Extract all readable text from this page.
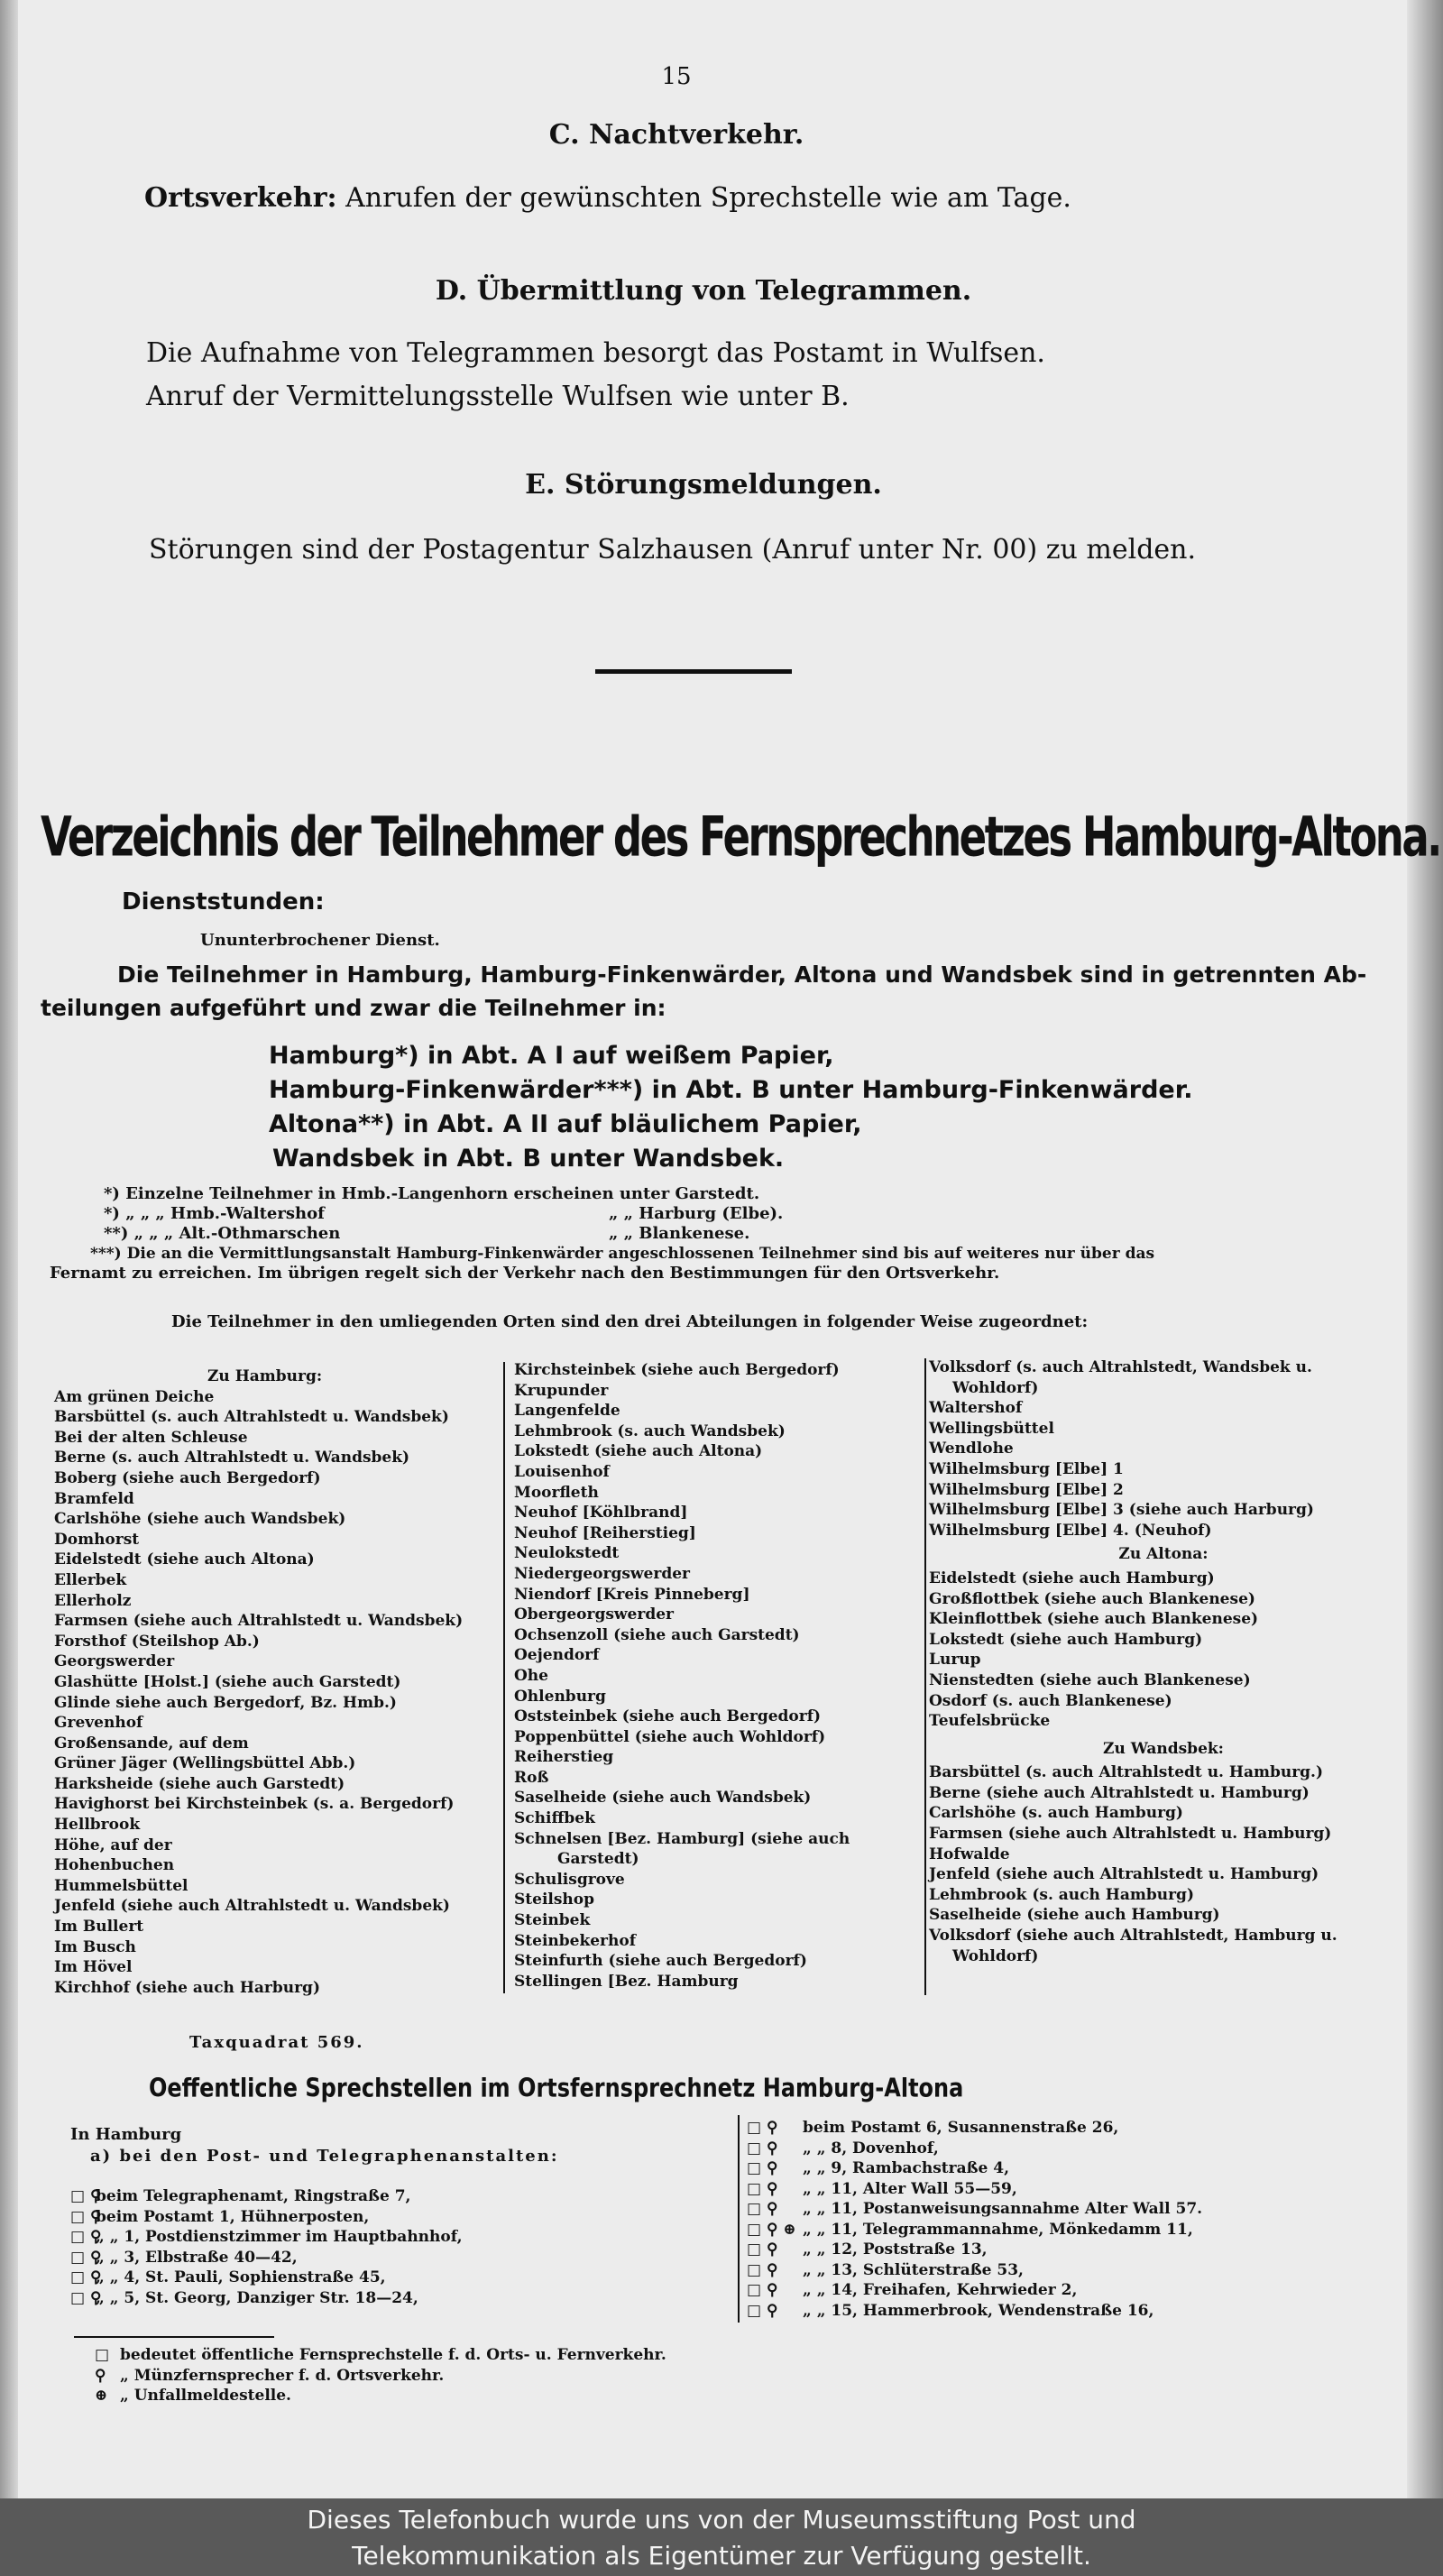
15
C. Nachtverkehr.
Ortsverkehr: Anrufen der gewünschten Sprechstelle wie am Tage.
D. Übermittlung von Telegrammen.
Die Aufnahme von Telegrammen besorgt das Postamt in Wulfsen.
Anruf der Vermittelungsstelle Wulfsen wie unter B.
E. Störungsmeldungen.
Störungen sind der Postagentur Salzhausen (Anruf unter Nr. 00) zu melden.
Verzeichnis der Teilnehmer des Fernsprechnetzes Hamburg-Altona.
Dienststunden:
Ununterbrochener Dienst.
Die Teilnehmer in Hamburg, Hamburg-Finkenwärder, Altona und Wandsbek sind in getrennten Ab-
teilungen aufgeführt und zwar die Teilnehmer in:
Hamburg*) in Abt. A I auf weißem Papier,
Hamburg-Finkenwärder***) in Abt. B unter Hamburg-Finkenwärder.
Altona**) in Abt. A II auf bläulichem Papier,
Wandsbek in Abt. B unter Wandsbek.
*) Einzelne Teilnehmer in Hmb.-Langenhorn erscheinen unter Garstedt.
*) „ „ „ Hmb.-Waltershof	„ „ Harburg (Elbe).
**) „ „ „ Alt.-Othmarschen	„ „ Blankenese.
***) Die an die Vermittlungsanstalt Hamburg-Finkenwärder angeschlossenen Teilnehmer sind bis auf weiteres nur über das
Fernamt zu erreichen. Im übrigen regelt sich der Verkehr nach den Bestimmungen für den Ortsverkehr.
Die Teilnehmer in den umliegenden Orten sind den drei Abteilungen in folgender Weise zugeordnet:
Zu Hamburg:
Am grünen Deiche
Barsbüttel (s. auch Altrahlstedt u. Wandsbek)
Bei der alten Schleuse
Berne (s. auch Altrahlstedt u. Wandsbek)
Boberg (siehe auch Bergedorf)
Bramfeld
Carlshöhe (siehe auch Wandsbek)
Domhorst
Eidelstedt (siehe auch Altona)
Ellerbek
Ellerholz
Farmsen (siehe auch Altrahlstedt u. Wandsbek)
Forsthof (Steilshop Ab.)
Georgswerder
Glashütte [Holst.] (siehe auch Garstedt)
Glinde siehe auch Bergedorf, Bz. Hmb.)
Grevenhof
Großensande, auf dem
Grüner Jäger (Wellingsbüttel Abb.)
Harksheide (siehe auch Garstedt)
Havighorst bei Kirchsteinbek (s. a. Bergedorf)
Hellbrook
Höhe, auf der
Hohenbuchen
Hummelsbüttel
Jenfeld (siehe auch Altrahlstedt u. Wandsbek)
Im Bullert
Im Busch
Im Hövel
Kirchhof (siehe auch Harburg)
Kirchsteinbek (siehe auch Bergedorf)
Krupunder
Langenfelde
Lehmbrook (s. auch Wandsbek)
Lokstedt (siehe auch Altona)
Louisenhof
Moorfleth
Neuhof [Köhlbrand]
Neuhof [Reiherstieg]
Neulokstedt
Niedergeorgswerder
Niendorf [Kreis Pinneberg]
Obergeorgswerder
Ochsenzoll (siehe auch Garstedt)
Oejendorf
Ohe
Ohlenburg
Oststeinbek (siehe auch Bergedorf)
Poppenbüttel (siehe auch Wohldorf)
Reiherstieg
Roß
Saselheide (siehe auch Wandsbek)
Schiffbek
Schnelsen [Bez. Hamburg] (siehe auch
Garstedt)
Schulisgrove
Steilshop
Steinbek
Steinbekerhof
Steinfurth (siehe auch Bergedorf)
Stellingen [Bez. Hamburg
Volksdorf (s. auch Altrahlstedt, Wandsbek u.
Wohldorf)
Waltershof
Wellingsbüttel
Wendlohe
Wilhelmsburg [Elbe] 1
Wilhelmsburg [Elbe] 2
Wilhelmsburg [Elbe] 3 (siehe auch Harburg)
Wilhelmsburg [Elbe] 4. (Neuhof)
Zu Altona:
Eidelstedt (siehe auch Hamburg)
Großflottbek (siehe auch Blankenese)
Kleinflottbek (siehe auch Blankenese)
Lokstedt (siehe auch Hamburg)
Lurup
Nienstedten (siehe auch Blankenese)
Osdorf (s. auch Blankenese)
Teufelsbrücke
Zu Wandsbek:
Barsbüttel (s. auch Altrahlstedt u. Hamburg.)
Berne (siehe auch Altrahlstedt u. Hamburg)
Carlshöhe (s. auch Hamburg)
Farmsen (siehe auch Altrahlstedt u. Hamburg)
Hofwalde
Jenfeld (siehe auch Altrahlstedt u. Hamburg)
Lehmbrook (s. auch Hamburg)
Saselheide (siehe auch Hamburg)
Volksdorf (siehe auch Altrahlstedt, Hamburg u.
Wohldorf)
Taxquadrat 569.
Oeffentliche Sprechstellen im Ortsfernsprechnetz Hamburg-Altona
In Hamburg
a) bei den Post- und Telegraphenanstalten:
□ ⚲beim Telegraphenamt, Ringstraße 7,
□ ⚲beim Postamt 1, Hühnerposten,
□ ⚲„ „ 1, Postdienstzimmer im Hauptbahnhof,
□ ⚲„ „ 3, Elbstraße 40—42,
□ ⚲„ „ 4, St. Pauli, Sophienstraße 45,
□ ⚲„ „ 5, St. Georg, Danziger Str. 18—24,
□ ⚲ beim Postamt 6, Susannenstraße 26,
□ ⚲ „ „ 8, Dovenhof,
□ ⚲ „ „ 9, Rambachstraße 4,
□ ⚲ „ „ 11, Alter Wall 55—59,
□ ⚲ „ „ 11, Postanweisungsannahme Alter Wall 57.
□ ⚲ ⊕ „ „ 11, Telegrammannahme, Mönkedamm 11,
□ ⚲ „ „ 12, Poststraße 13,
□ ⚲ „ „ 13, Schlüterstraße 53,
□ ⚲ „ „ 14, Freihafen, Kehrwieder 2,
□ ⚲ „ „ 15, Hammerbrook, Wendenstraße 16,
□ bedeutet öffentliche Fernsprechstelle f. d. Orts- u. Fernverkehr.
⚲ „ Münzfernsprecher f. d. Ortsverkehr.
⊕ „ Unfallmeldestelle.
Dieses Telefonbuch wurde uns von der Museumsstiftung Post und
Telekommunikation als Eigentümer zur Verfügung gestellt.
